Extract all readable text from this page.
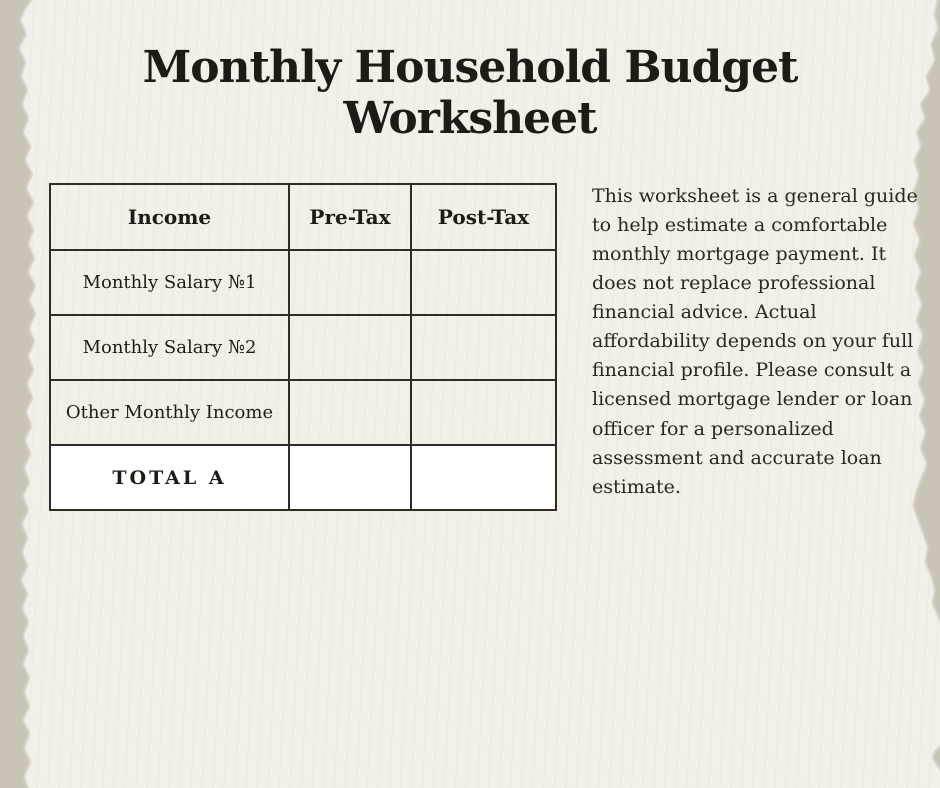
Monthly Household Budget Worksheet
Income	Pre-Tax	Post-Tax
Monthly Salary №1
Monthly Salary №2
Other Monthly Income
TOTAL A

This worksheet is a general guide to help estimate a comfortable monthly mortgage payment. It does not replace professional financial advice. Actual affordability depends on your full financial profile. Please consult a licensed mortgage lender or loan officer for a personalized assessment and accurate loan estimate.
